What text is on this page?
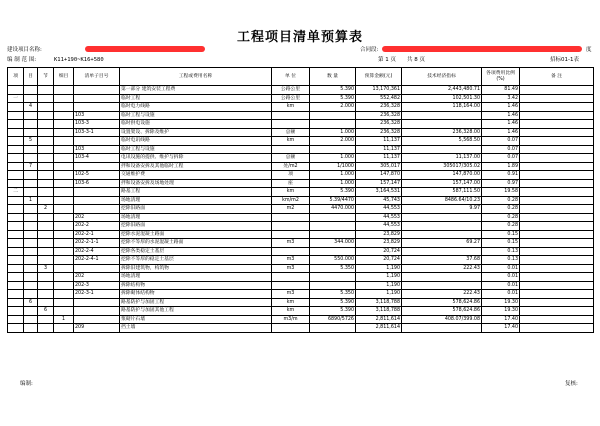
工程项目清单预算表
建设项目名称:	合同段:	度
编 制 范 围:	K11+190~K16+580	第 1 页　　共 8 页	招标01-1表
项	目	节	细目	清单子目号	工程或费用名称	单 位	数 量	预算金额(元)	技术经济指标	各项费用比例(%)	备 注
					第一部分 建筑安装工程费	公路公里	5.390	13,170,361	2,443,480.71	81.49	
一					临时工程	公路公里	5.390	552,482	102,501.30	3.42	
	4				临时电力线路	km	2.000	236,328	118,164.00	1.46	
				103	临时工程与设施			236,328		1.46	
				103-3	临时供电设施			236,328		1.46	
				103-3-1	设置架设、拆除及维护	总额	1.000	236,328	236,328.00	1.46	
	5				临时电讯线路	km	2.000	11,137	5,568.50	0.07	
				103	临时工程与设施			11,137		0.07	
				103-4	电讯设施的提供、维护与拆除	总额	1.000	11,137	11,137.00	0.07	
	7				拌和设备安拆及其他临时工程	处/m2	1/1000	305,017	305017/305.02	1.89	
				102-5	交通维护费	项	1.000	147,870	147,870.00	0.91	
				103-6	拌和设备安拆及场地处理	座	1.000	157,147	157,147.00	0.97	
二					路基工程	km	5.390	3,164,531	587,111.50	19.58	
	1				场地清理	km/m2	5.39/4470	45,743	8486.64/10.23	0.28	
		2			挖除旧路面	m2	4470.000	44,553	9.97	0.28	
				202	场地清理			44,553		0.28	
				202-2	挖除旧路面			44,553		0.28	
				202-2-1	挖除水泥混凝土路面			23,829		0.15	
				202-2-1-1	挖除不等厚的水泥混凝土路面	m3	344.000	23,829	69.27	0.15	
				202-2-4	挖除各类稳定土基层			20,724		0.13	
				202-2-4-1	挖除不等厚的稳定土基层	m3	550.000	20,724	37.68	0.13	
		3			拆除旧建筑物，构筑物	m3	5.350	1,190	222.43	0.01	
				202	场地清理			1,190		0.01	
				202-3	拆除结构物			1,190		0.01	
				202-3-1	拆除砌体结构物	m3	5.350	1,190	222.43	0.01	
	6				路基防护与加固工程	km	5.390	3,118,788	578,624.86	19.30	
		6			路基防护与加固其他工程	km	5.390	3,118,788	578,624.86	19.30	
			1		浆砌片石墙	m3/m	6890/5726	2,811,614	408.07/399.08	17.40	
				209	挡土墙			2,811,614		17.40	
编制:	复核:
